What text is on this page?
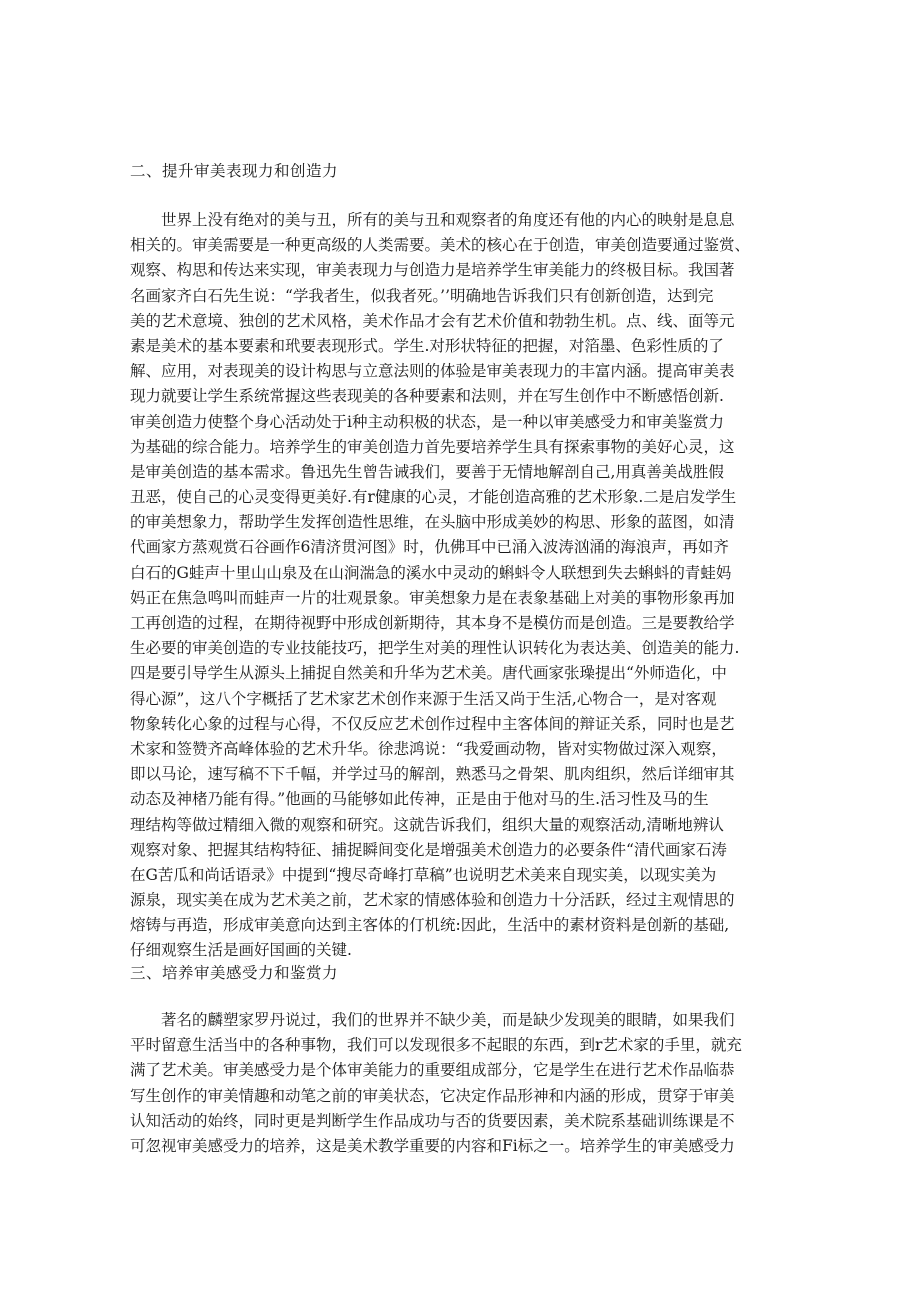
二、提升审美表现力和创造力
世界上没有绝对的美与丑，所有的美与丑和观察者的角度还有他的内心的映射是息息
相关的。审美需要是一种更高级的人类需要。美术的核心在于创造，审美创造要通过鉴赏、
观察、构思和传达来实现，审美表现力与创造力是培养学生审美能力的终极目标。我国著
名画家齐白石先生说：“学我者生，似我者死。’’明确地告诉我们只有创新创造，达到完
美的艺术意境、独创的艺术风格，美术作品才会有艺术价值和勃勃生机。点、线、面等元
素是美术的基本要素和玳要表现形式。学生.对形状特征的把握，对箔墨、色彩性质的了
解、应用，对表现美的设计构思与立意法则的体验是审美表现力的丰富内涵。提高审美表
现力就要让学生系统常握这些表现美的各种要素和法则，并在写生创作中不断感悟创新.
审美创造力使整个身心活动处于i种主动积极的状态，是一种以审美感受力和审美鉴赏力
为基础的综合能力。培养学生的审美创造力首先要培养学生具有探索事物的美好心灵，这
是审美创造的基本需求。鲁迅先生曾告诫我们，要善于无情地解剖自己,用真善美战胜假
丑恶，使自己的心灵变得更美好.有r健康的心灵，才能创造高雅的艺术形象.二是启发学生
的审美想象力，帮助学生发挥创造性思维，在头脑中形成美妙的构思、形象的蓝图，如清
代画家方蒸观赏石谷画作6清济贯河图》时，仇佛耳中已涌入波涛汹涌的海浪声，再如齐
白石的G蛙声十里山山泉及在山涧湍急的溪水中灵动的蝌蚪令人联想到失去蝌蚪的青蛙妈
妈正在焦急鸣叫而蛙声一片的壮观景象。审美想象力是在表象基础上对美的事物形象再加
工再创造的过程，在期待视野中形成创新期待，其本身不是模仿而是创造。三是要教给学
生必要的审美创造的专业技能技巧，把学生对美的理性认识转化为表达美、创造美的能力.
四是要引导学生从源头上捕捉自然美和升华为艺术美。唐代画家张璪提出“外师造化，中
得心源”，这八个字概括了艺术家艺术创作来源于生活又尚于生活,心物合一，是对客观
物象转化心象的过程与心得，不仅反应艺术创作过程中主客体间的辩证关系，同时也是艺
术家和签赞齐高峰体验的艺术升华。徐悲鸿说：“我爱画动物，皆对实物做过深入观察，
即以马论，速写稿不下千幅，并学过马的解剖，熟悉马之骨架、肌肉组织，然后详细审其
动态及神楮乃能有得。”他画的马能够如此传神，正是由于他对马的生.活习性及马的生
理结构等做过精细入微的观察和研究。这就告诉我们，组织大量的观察活动,清晰地辨认
观察对象、把握其结构特征、捕捉瞬间变化是增强美术创造力的必要条件“清代画家石涛
在G苦瓜和尚话语录》中提到“搜尽奇峰打草稿”也说明艺术美来自现实美，以现实美为
源泉，现实美在成为艺术美之前，艺术家的情感体验和创造力十分活跃，经过主观情思的
熔铸与再造，形成审美意向达到主客体的仃机统:因此，生活中的素材资料是创新的基础,
仔细观察生活是画好国画的关键.
三、培养审美感受力和鉴赏力
著名的麟塑家罗丹说过，我们的世界并不缺少美，而是缺少发现美的眼睛，如果我们
平时留意生活当中的各种事物，我们可以发现很多不起眼的东西，到r艺术家的手里，就充
满了艺术美。审美感受力是个体审美能力的重要组成部分，它是学生在进行艺术作品临恭
写生创作的审美情趣和动笔之前的审美状态，它决定作品形神和内涵的形成，贯穿于审美
认知活动的始终，同时更是判断学生作品成功与否的货要因素，美术院系基础训练课是不
可忽视审美感受力的培养，这是美术教学重要的内容和Fi标之一。培养学生的审美感受力
